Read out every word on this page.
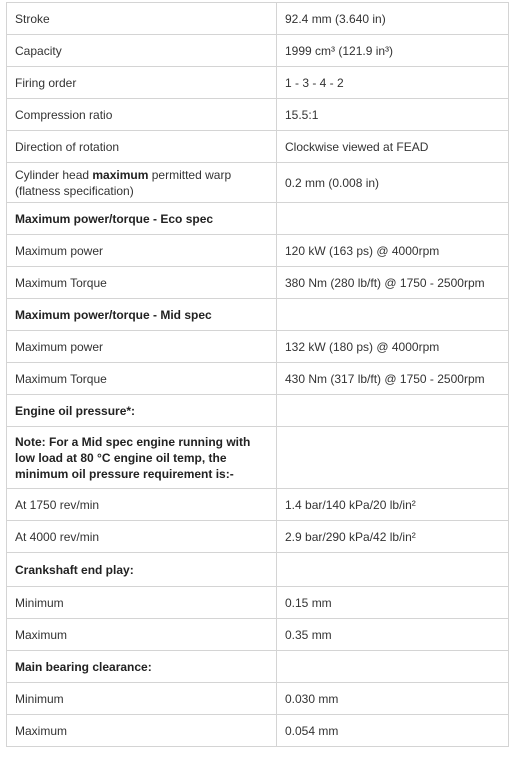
Stroke	92.4 mm (3.640 in)
Capacity	1999 cm³ (121.9 in³)
Firing order	1 - 3 - 4 - 2
Compression ratio	15.5:1
Direction of rotation	Clockwise viewed at FEAD
Cylinder head maximum permitted warp (flatness specification)	0.2 mm (0.008 in)
Maximum power/torque - Eco spec	
Maximum power	120 kW (163 ps) @ 4000rpm
Maximum Torque	380 Nm (280 lb/ft) @ 1750 - 2500rpm
Maximum power/torque - Mid spec	
Maximum power	132 kW (180 ps) @ 4000rpm
Maximum Torque	430 Nm (317 lb/ft) @ 1750 - 2500rpm
Engine oil pressure*:	
Note: For a Mid spec engine running with low load at 80 °C engine oil temp, the minimum oil pressure requirement is:-	
At 1750 rev/min	1.4 bar/140 kPa/20 lb/in²
At 4000 rev/min	2.9 bar/290 kPa/42 lb/in²
Crankshaft end play:	
Minimum	0.15 mm
Maximum	0.35 mm
Main bearing clearance:	
Minimum	0.030 mm
Maximum	0.054 mm
